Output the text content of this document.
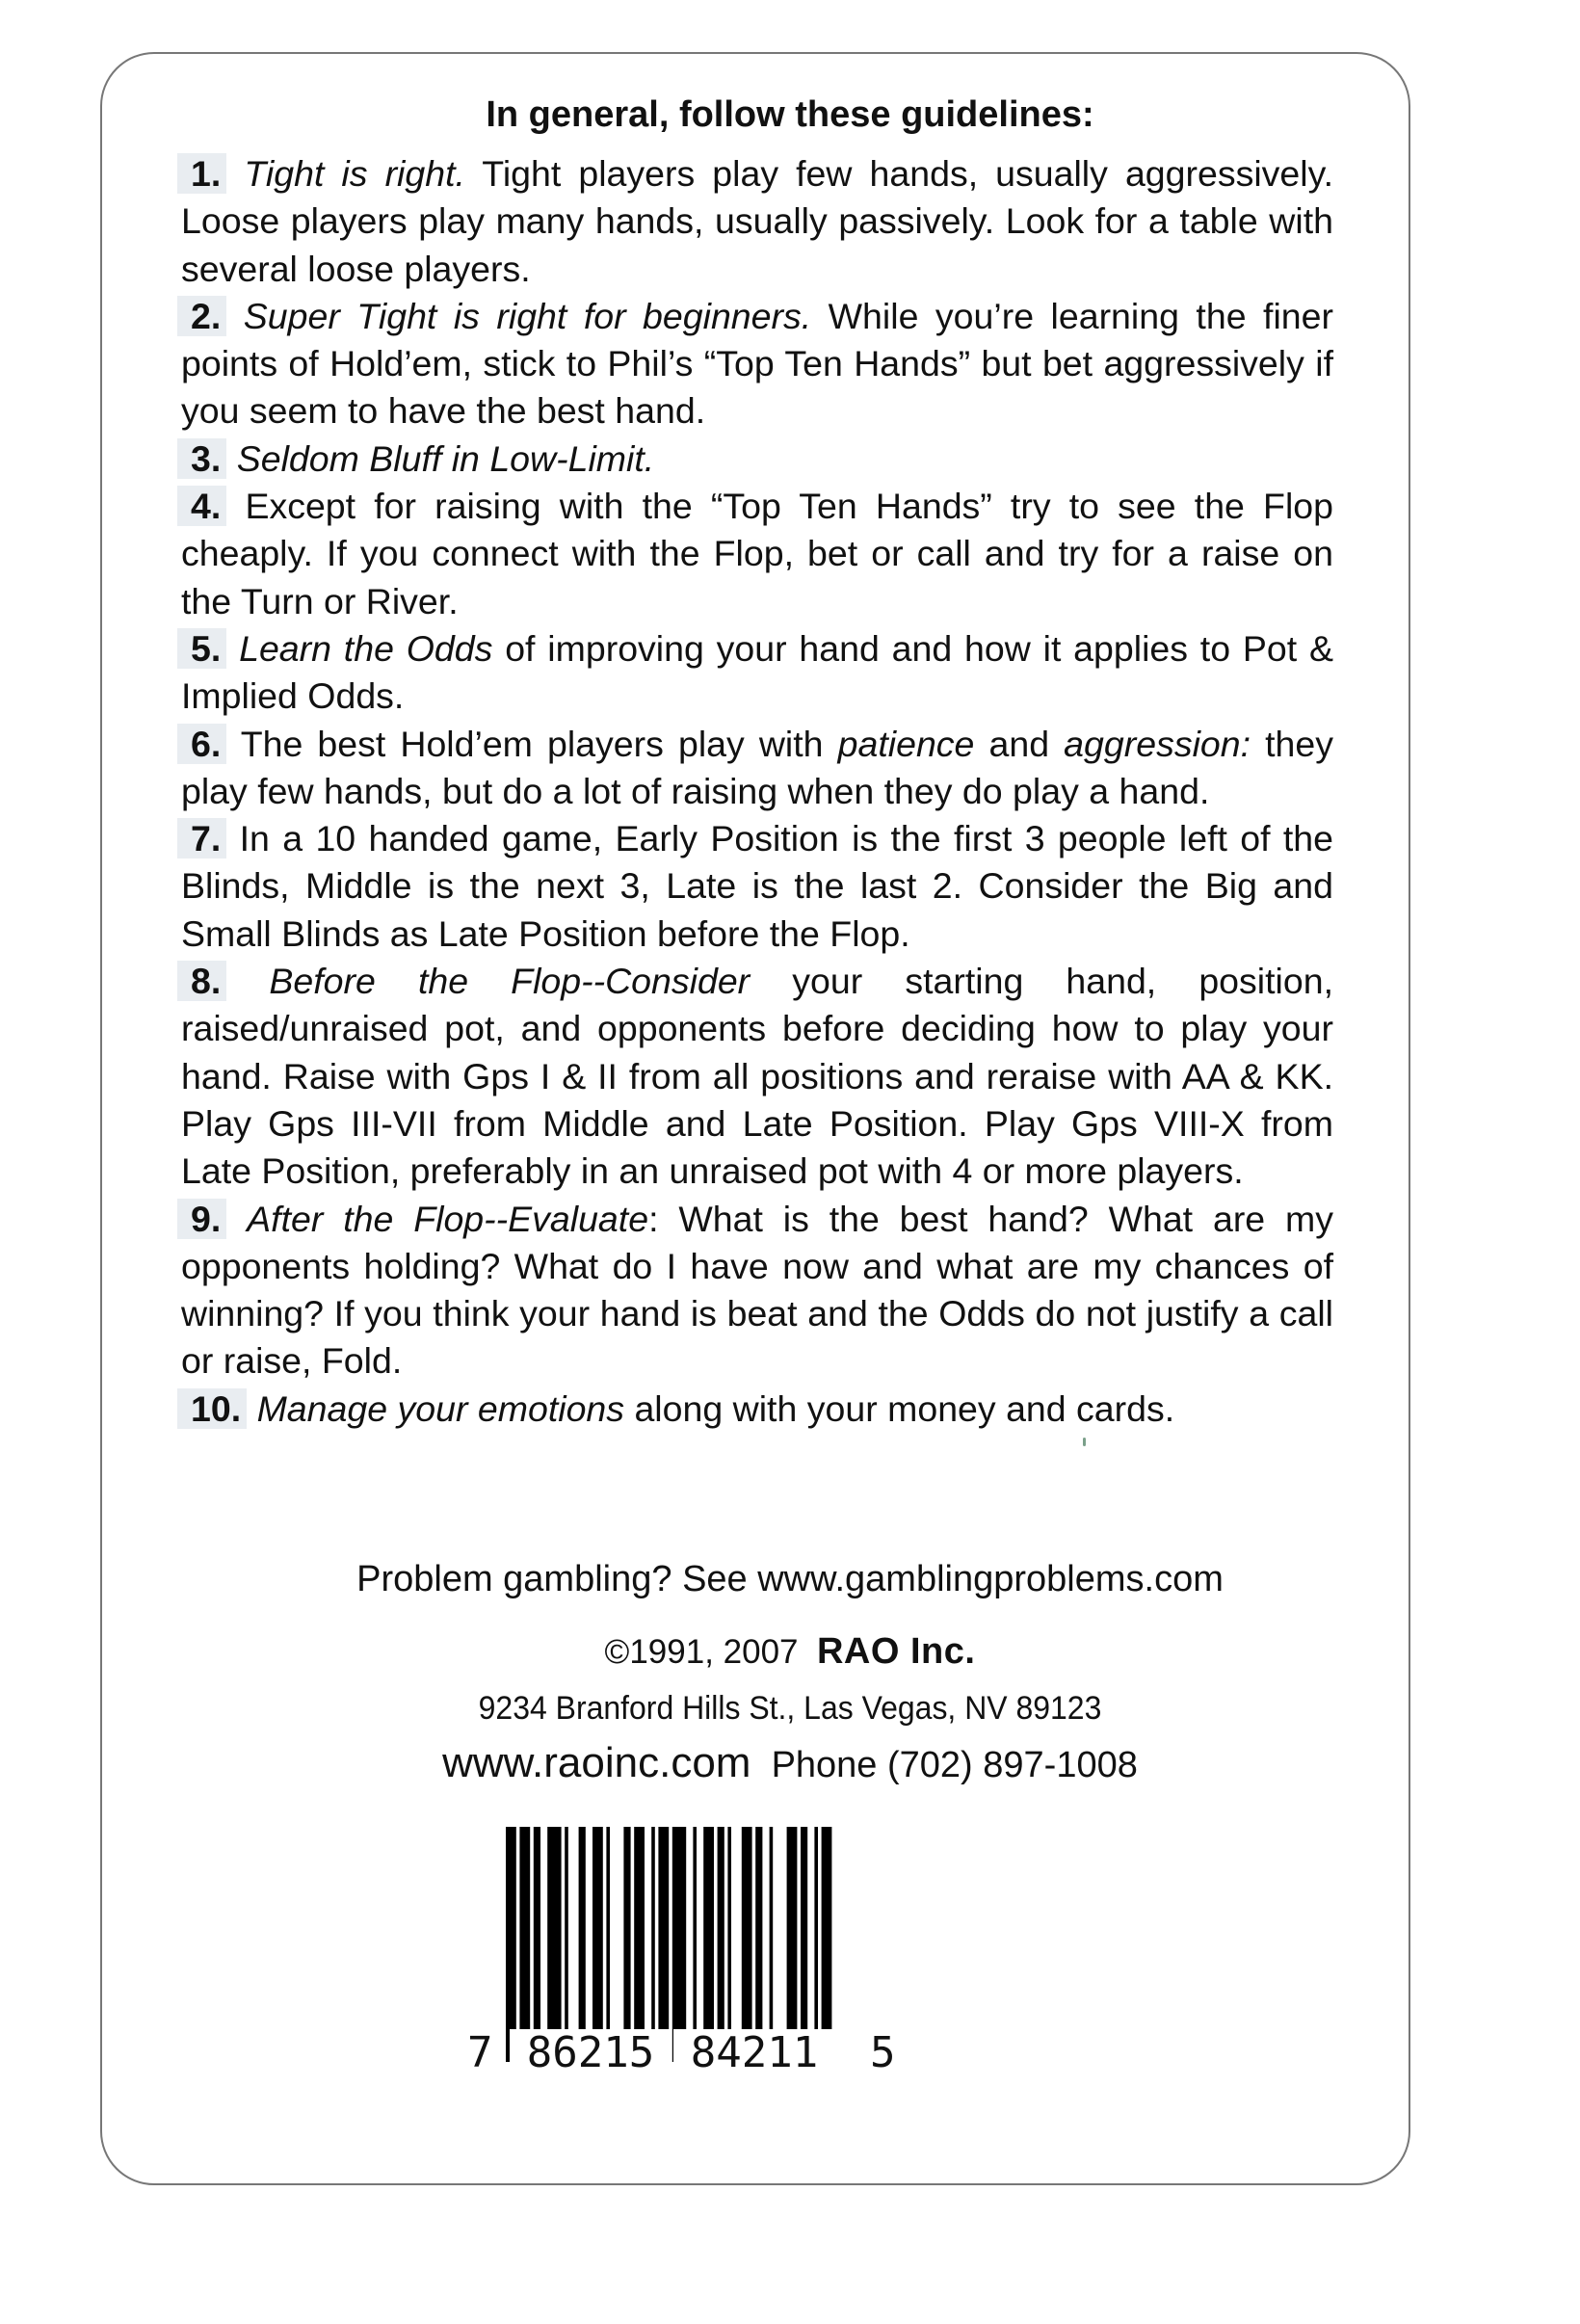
In general, follow these guidelines:
1. Tight is right. Tight players play few hands, usually aggressively. Loose players play many hands, usually passively. Look for a table with several loose players.
2. Super Tight is right for beginners. While you’re learning the finer points of Hold’em, stick to Phil’s “Top Ten Hands” but bet aggressively if you seem to have the best hand.
3. Seldom Bluff in Low-Limit.
4. Except for raising with the “Top Ten Hands” try to see the Flop cheaply. If you connect with the Flop, bet or call and try for a raise on the Turn or River.
5. Learn the Odds of improving your hand and how it applies to Pot & Implied Odds.
6. The best Hold’em players play with patience and aggression: they play few hands, but do a lot of raising when they do play a hand.
7. In a 10 handed game, Early Position is the first 3 people left of the Blinds, Middle is the next 3, Late is the last 2. Consider the Big and Small Blinds as Late Position before the Flop.
8. Before the Flop--Consider your starting hand, position, raised/unraised pot, and opponents before deciding how to play your hand. Raise with Gps I & II from all positions and reraise with AA & KK. Play Gps III-VII from Middle and Late Position. Play Gps VIII-X from Late Position, preferably in an unraised pot with 4 or more players.
9. After the Flop--Evaluate: What is the best hand? What are my opponents holding? What do I have now and what are my chances of winning? If you think your hand is beat and the Odds do not justify a call or raise, Fold.
10. Manage your emotions along with your money and cards.
Problem gambling? See www.gamblingproblems.com
©1991, 2007 RAO Inc.
9234 Branford Hills St., Las Vegas, NV 89123
www.raoinc.com Phone (702) 897-1008
7 86215 84211	5
